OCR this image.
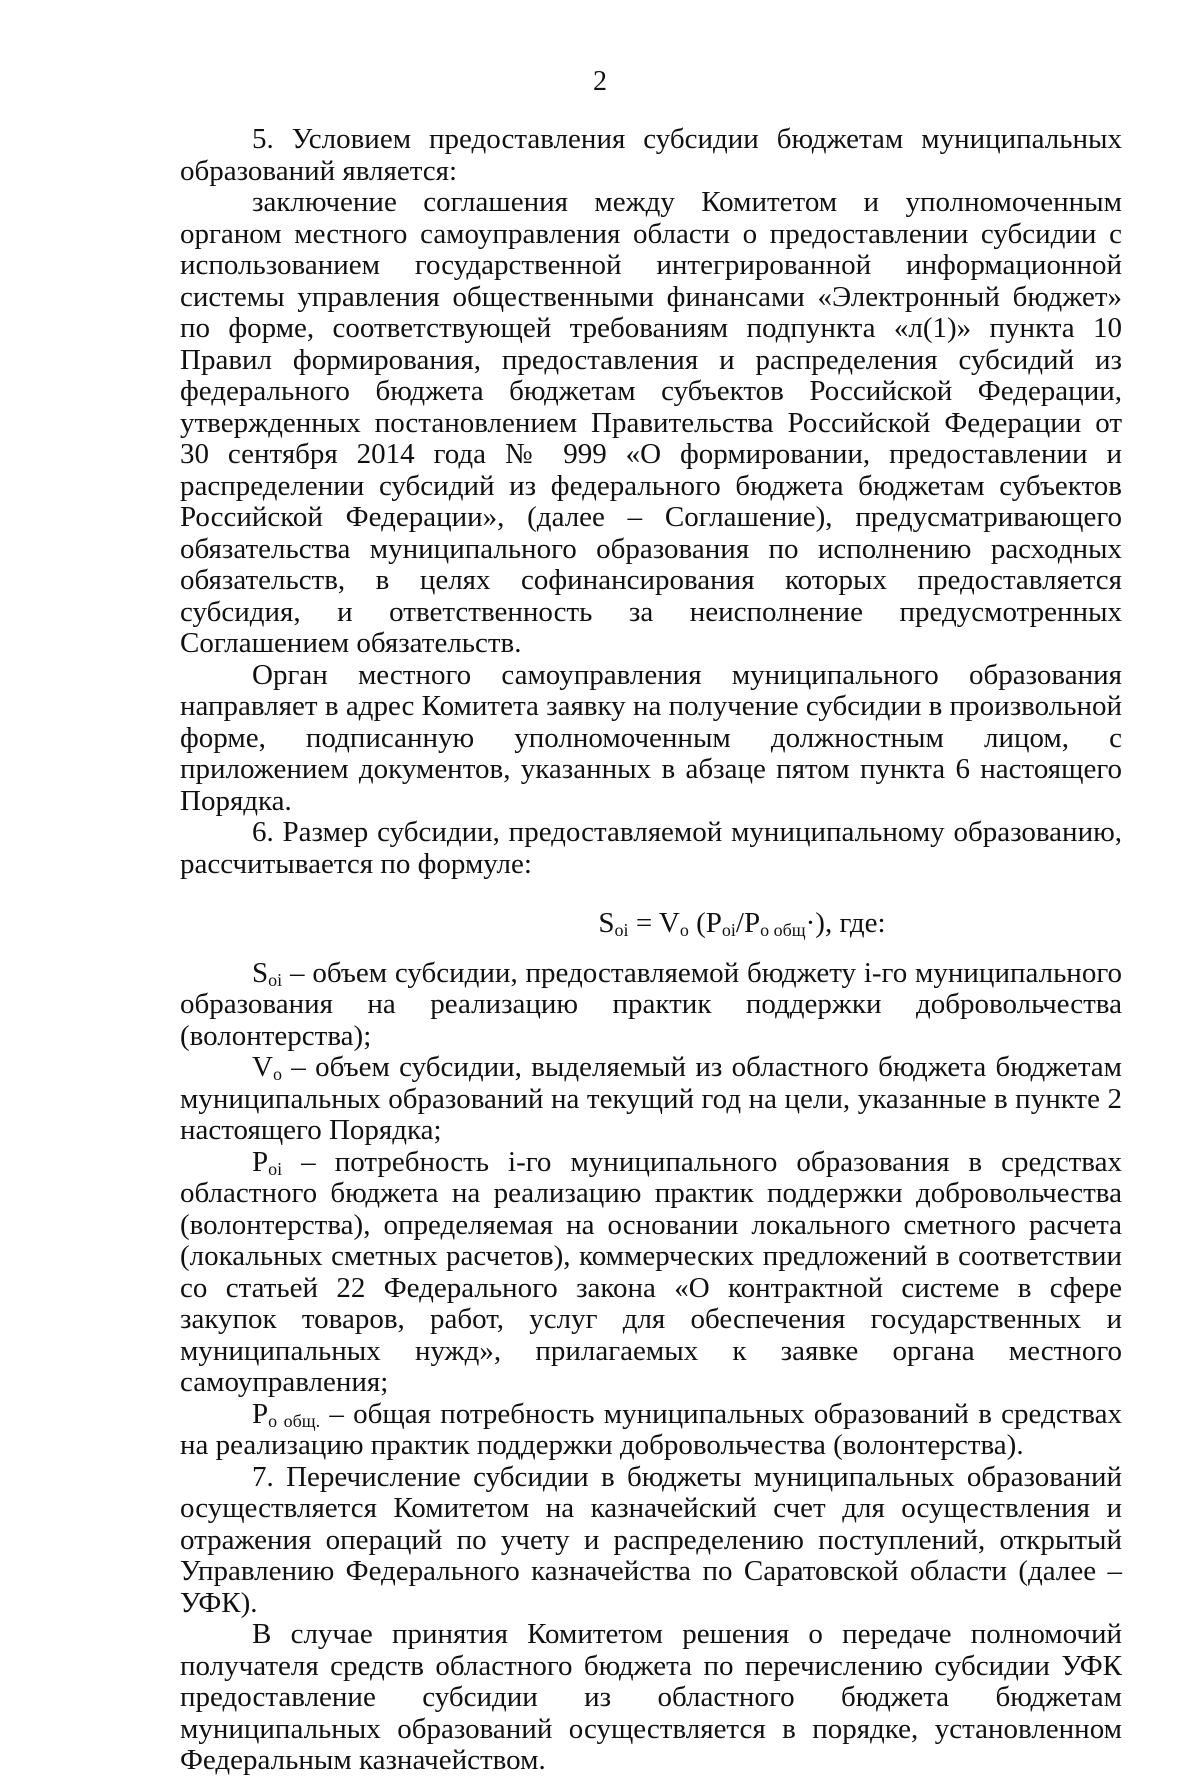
2

5. Условием предоставления субсидии бюджетам муниципальных образований является:

заключение соглашения между Комитетом и уполномоченным органом местного самоуправления области о предоставлении субсидии с использованием государственной интегрированной информационной системы управления общественными финансами «Электронный бюджет» по форме, соответствующей требованиям подпункта «л(1)» пункта 10 Правил формирования, предоставления и распределения субсидий из федерального бюджета бюджетам субъектов Российской Федерации, утвержденных постановлением Правительства Российской Федерации от 30 сентября 2014 года № 999 «О формировании, предоставлении и распределении субсидий из федерального бюджета бюджетам субъектов Российской Федерации», (далее – Соглашение), предусматривающего обязательства муниципального образования по исполнению расходных обязательств, в целях софинансирования которых предоставляется субсидия, и ответственность за неисполнение предусмотренных Соглашением обязательств.

Орган местного самоуправления муниципального образования направляет в адрес Комитета заявку на получение субсидии в произвольной форме, подписанную уполномоченным должностным лицом, с приложением документов, указанных в абзаце пятом пункта 6 настоящего Порядка.

6. Размер субсидии, предоставляемой муниципальному образованию, рассчитывается по формуле:

$S_{oi} = V_o$ $(P_{oi}/P_{o общ}\cdot)$, где:

$S_{oi}$ – объем субсидии, предоставляемой бюджету i-го муниципального образования на реализацию практик поддержки добровольчества (волонтерства);

$V_o$ – объем субсидии, выделяемый из областного бюджета бюджетам муниципальных образований на текущий год на цели, указанные в пункте 2 настоящего Порядка;

$P_{oi}$ – потребность i-го муниципального образования в средствах областного бюджета на реализацию практик поддержки добровольчества (волонтерства), определяемая на основании локального сметного расчета (локальных сметных расчетов), коммерческих предложений в соответствии со статьей 22 Федерального закона «О контрактной системе в сфере закупок товаров, работ, услуг для обеспечения государственных и муниципальных нужд», прилагаемых к заявке органа местного самоуправления;

$P_{o общ.}$ – общая потребность муниципальных образований в средствах на реализацию практик поддержки добровольчества (волонтерства).

7. Перечисление субсидии в бюджеты муниципальных образований осуществляется Комитетом на казначейский счет для осуществления и отражения операций по учету и распределению поступлений, открытый Управлению Федерального казначейства по Саратовской области (далее – УФК).

В случае принятия Комитетом решения о передаче полномочий получателя средств областного бюджета по перечислению субсидии УФК предоставление субсидии из областного бюджета бюджетам муниципальных образований осуществляется в порядке, установленном Федеральным казначейством.
